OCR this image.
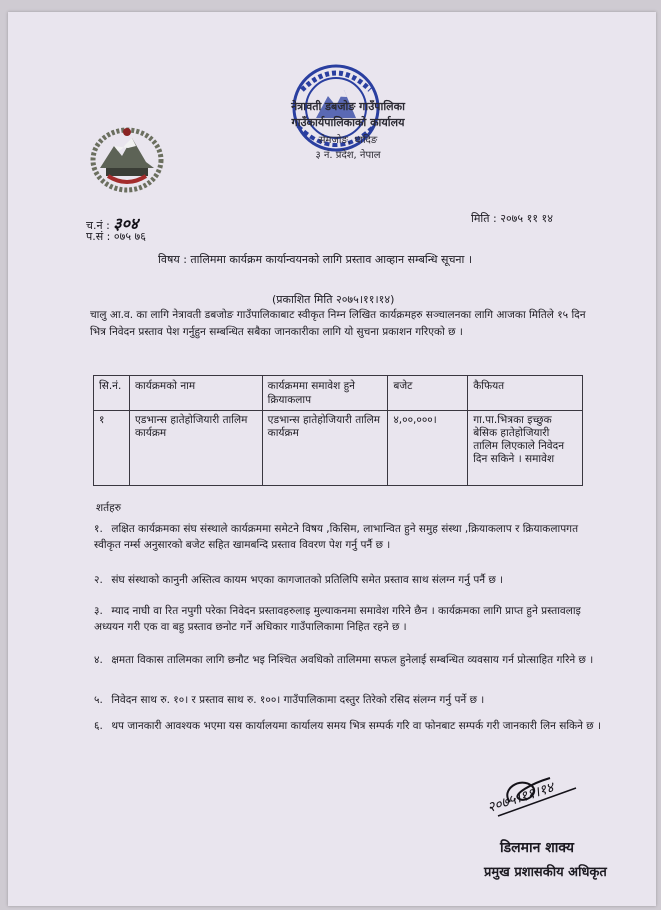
नेत्रावती डबजोङ गाउँपालिका
गाउँकार्यपालिकाको कार्यालय
सेमजोङ, धादिङ
३ नं. प्रदेश, नेपाल
मिति : २०७५ ११ १४
च.नं : ३०४
प.सं : ०७५ ७६
विषय : तालिममा कार्यक्रम कार्यान्वयनको लागि प्रस्ताव आव्हान सम्बन्धि सूचना ।
(प्रकाशित मिति २०७५।११।१४)
चालु आ.व. का लागि नेत्रावती डबजोङ गाउँपालिकाबाट स्वीकृत निम्न लिखित कार्यक्रमहरु सञ्चालनका लागि आजका मितिले १५ दिन भित्र निवेदन प्रस्ताव पेश गर्नुहुन सम्बन्धित सबैका जानकारीका लागि यो सुचना प्रकाशन गरिएको छ ।
सि.नं.	कार्यक्रमको नाम	कार्यक्रममा समावेश हुने क्रियाकलाप	बजेट	कैफियत
१	एडभान्स हातेहोजियारी तालिम कार्यक्रम	एडभान्स हातेहोजियारी तालिम कार्यक्रम	४,००,०००।	गा.पा.भित्रका इच्छुक बेसिक हातेहोजियारी तालिम लिएकाले निवेदन दिन सकिने । समावेश
शर्तहरु
१. लक्षित कार्यक्रमका संघ संस्थाले कार्यक्रममा समेटने विषय ,किसिम, लाभान्वित हुने समुह संस्था ,क्रियाकलाप र क्रियाकलापगत स्वीकृत नर्म्स अनुसारको बजेट सहित खामबन्दि प्रस्ताव विवरण पेश गर्नु पर्नै छ ।
२. संघ संस्थाको कानुनी अस्तित्व कायम भएका कागजातको प्रतिलिपि समेत प्रस्ताव साथ संलग्न गर्नु पर्नै छ ।
३. म्याद नाघी वा रित नपुगी परेका निवेदन प्रस्तावहरुलाइ मुल्याकनमा समावेश गरिने छैन । कार्यक्रमका लागि प्राप्त हुने प्रस्तावलाइ अध्ययन गरी एक वा बहु प्रस्ताव छनोट गर्ने अधिकार गाउँपालिकामा निहित रहने छ ।
४. क्षमता विकास तालिमका लागि छनौट भइ निश्चित अवधिको तालिममा सफल हुनेलाई सम्बन्धित व्यवसाय गर्न प्रोत्साहित गरिने छ ।
५. निवेदन साथ रु. १०। र प्रस्ताव साथ रु. १००। गाउँपालिकामा दस्तुर तिरेको रसिद संलग्न गर्नु पर्ने छ ।
६. थप जानकारी आवश्यक भएमा यस कार्यालयमा कार्यालय समय भित्र सम्पर्क गरि वा फोनबाट सम्पर्क गरी जानकारी लिन सकिने छ ।
२०७५।११।१४
डिलमान शाक्य
प्रमुख प्रशासकीय अधिकृत
